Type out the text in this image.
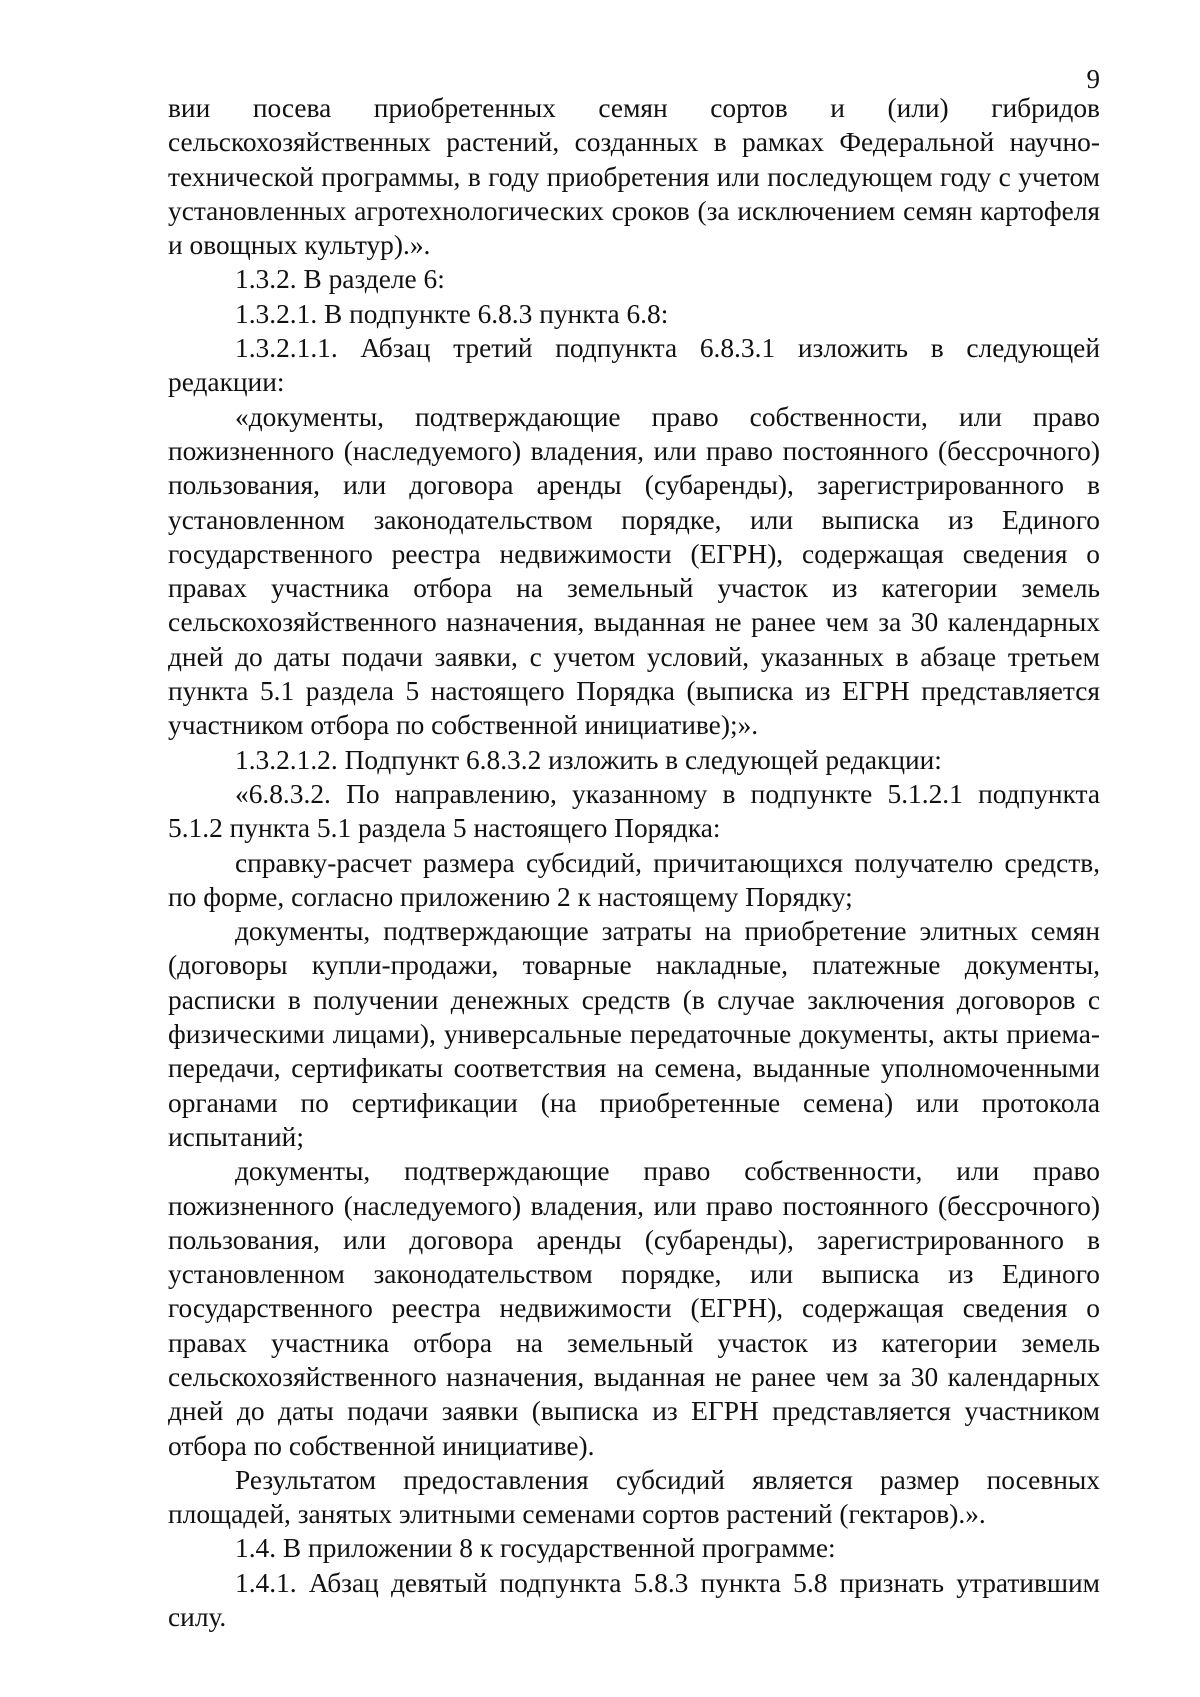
9

вии посева приобретенных семян сортов и (или) гибридов сельскохозяйственных растений, созданных в рамках Федеральной научно-технической программы, в году приобретения или последующем году с учетом установленных агротехнологических сроков (за исключением семян картофеля и овощных культур).».

1.3.2. В разделе 6:

1.3.2.1. В подпункте 6.8.3 пункта 6.8:

1.3.2.1.1. Абзац третий подпункта 6.8.3.1 изложить в следующей редакции:

«документы, подтверждающие право собственности, или право пожизненного (наследуемого) владения, или право постоянного (бессрочного) пользования, или договора аренды (субаренды), зарегистрированного в установленном законодательством порядке, или выписка из Единого государственного реестра недвижимости (ЕГРН), содержащая сведения о правах участника отбора на земельный участок из категории земель сельскохозяйственного назначения, выданная не ранее чем за 30 календарных дней до даты подачи заявки, с учетом условий, указанных в абзаце третьем пункта 5.1 раздела 5 настоящего Порядка (выписка из ЕГРН представляется участником отбора по собственной инициативе);».

1.3.2.1.2. Подпункт 6.8.3.2 изложить в следующей редакции:

«6.8.3.2. По направлению, указанному в подпункте 5.1.2.1 подпункта 5.1.2 пункта 5.1 раздела 5 настоящего Порядка:

справку-расчет размера субсидий, причитающихся получателю средств, по форме, согласно приложению 2 к настоящему Порядку;

документы, подтверждающие затраты на приобретение элитных семян (договоры купли-продажи, товарные накладные, платежные документы, расписки в получении денежных средств (в случае заключения договоров с физическими лицами), универсальные передаточные документы, акты приема-передачи, сертификаты соответствия на семена, выданные уполномоченными органами по сертификации (на приобретенные семена) или протокола испытаний;

документы, подтверждающие право собственности, или право пожизненного (наследуемого) владения, или право постоянного (бессрочного) пользования, или договора аренды (субаренды), зарегистрированного в установленном законодательством порядке, или выписка из Единого государственного реестра недвижимости (ЕГРН), содержащая сведения о правах участника отбора на земельный участок из категории земель сельскохозяйственного назначения, выданная не ранее чем за 30 календарных дней до даты подачи заявки (выписка из ЕГРН представляется участником отбора по собственной инициативе).

Результатом предоставления субсидий является размер посевных площадей, занятых элитными семенами сортов растений (гектаров).».

1.4. В приложении 8 к государственной программе:

1.4.1. Абзац девятый подпункта 5.8.3 пункта 5.8 признать утратившим силу.
